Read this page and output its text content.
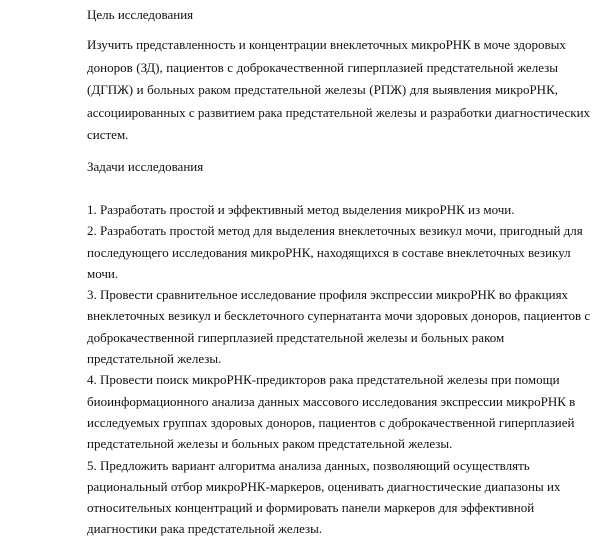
Цель исследования
Изучить представленность и концентрации внеклеточных микроРНК в моче здоровых
доноров (ЗД), пациентов с доброкачественной гиперплазией предстательной железы
(ДГПЖ) и больных раком предстательной железы (РПЖ) для выявления микроРНК,
ассоциированных с развитием рака предстательной железы и разработки диагностических
систем.
Задачи исследования
1. Разработать простой и эффективный метод выделения микроРНК из мочи.
2. Разработать простой метод для выделения внеклеточных везикул мочи, пригодный для
последующего исследования микроРНК, находящихся в составе внеклеточных везикул
мочи.
3. Провести сравнительное исследование профиля экспрессии микроРНК во фракциях
внеклеточных везикул и бесклеточного супернатанта мочи здоровых доноров, пациентов с
доброкачественной гиперплазией предстательной железы и больных раком
предстательной железы.
4. Провести поиск микроРНК-предикторов рака предстательной железы при помощи
биоинформационного анализа данных массового исследования экспрессии микроРНК в
исследуемых группах здоровых доноров, пациентов с доброкачественной гиперплазией
предстательной железы и больных раком предстательной железы.
5. Предложить вариант алгоритма анализа данных, позволяющий осуществлять
рациональный отбор микроРНК-маркеров, оценивать диагностические диапазоны их
относительных концентраций и формировать панели маркеров для эффективной
диагностики рака предстательной железы.
